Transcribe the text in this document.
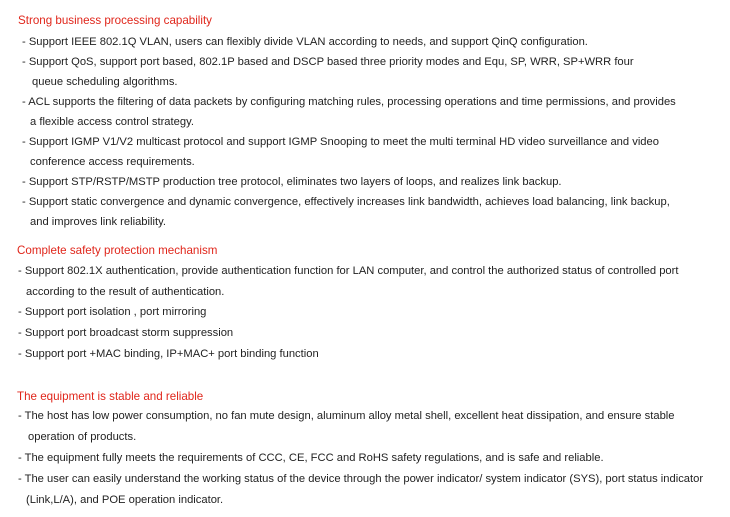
Strong business processing capability
- Support IEEE 802.1Q VLAN, users can flexibly divide VLAN according to needs, and support QinQ configuration.
- Support QoS, support port based, 802.1P based and DSCP based three priority modes and Equ, SP, WRR, SP+WRR four
queue scheduling algorithms.
- ACL supports the filtering of data packets by configuring matching rules, processing operations and time permissions, and provides
a flexible access control strategy.
- Support IGMP V1/V2 multicast protocol and support IGMP Snooping to meet the multi terminal HD video surveillance and video
conference access requirements.
- Support STP/RSTP/MSTP production tree protocol, eliminates two layers of loops, and realizes link backup.
- Support static convergence and dynamic convergence, effectively increases link bandwidth, achieves load balancing, link backup,
and improves link reliability.
Complete safety protection mechanism
- Support 802.1X authentication, provide authentication function for LAN computer, and control the authorized status of controlled port
according to the result of authentication.
- Support port isolation , port mirroring
- Support port broadcast storm suppression
- Support port +MAC binding, IP+MAC+ port binding function
The equipment is stable and reliable
- The host has low power consumption, no fan mute design, aluminum alloy metal shell, excellent heat dissipation, and ensure stable
operation of products.
- The equipment fully meets the requirements of CCC, CE, FCC and RoHS safety regulations, and is safe and reliable.
- The user can easily understand the working status of the device through the power indicator/ system indicator (SYS), port status indicator
(Link,L/A), and POE operation indicator.
